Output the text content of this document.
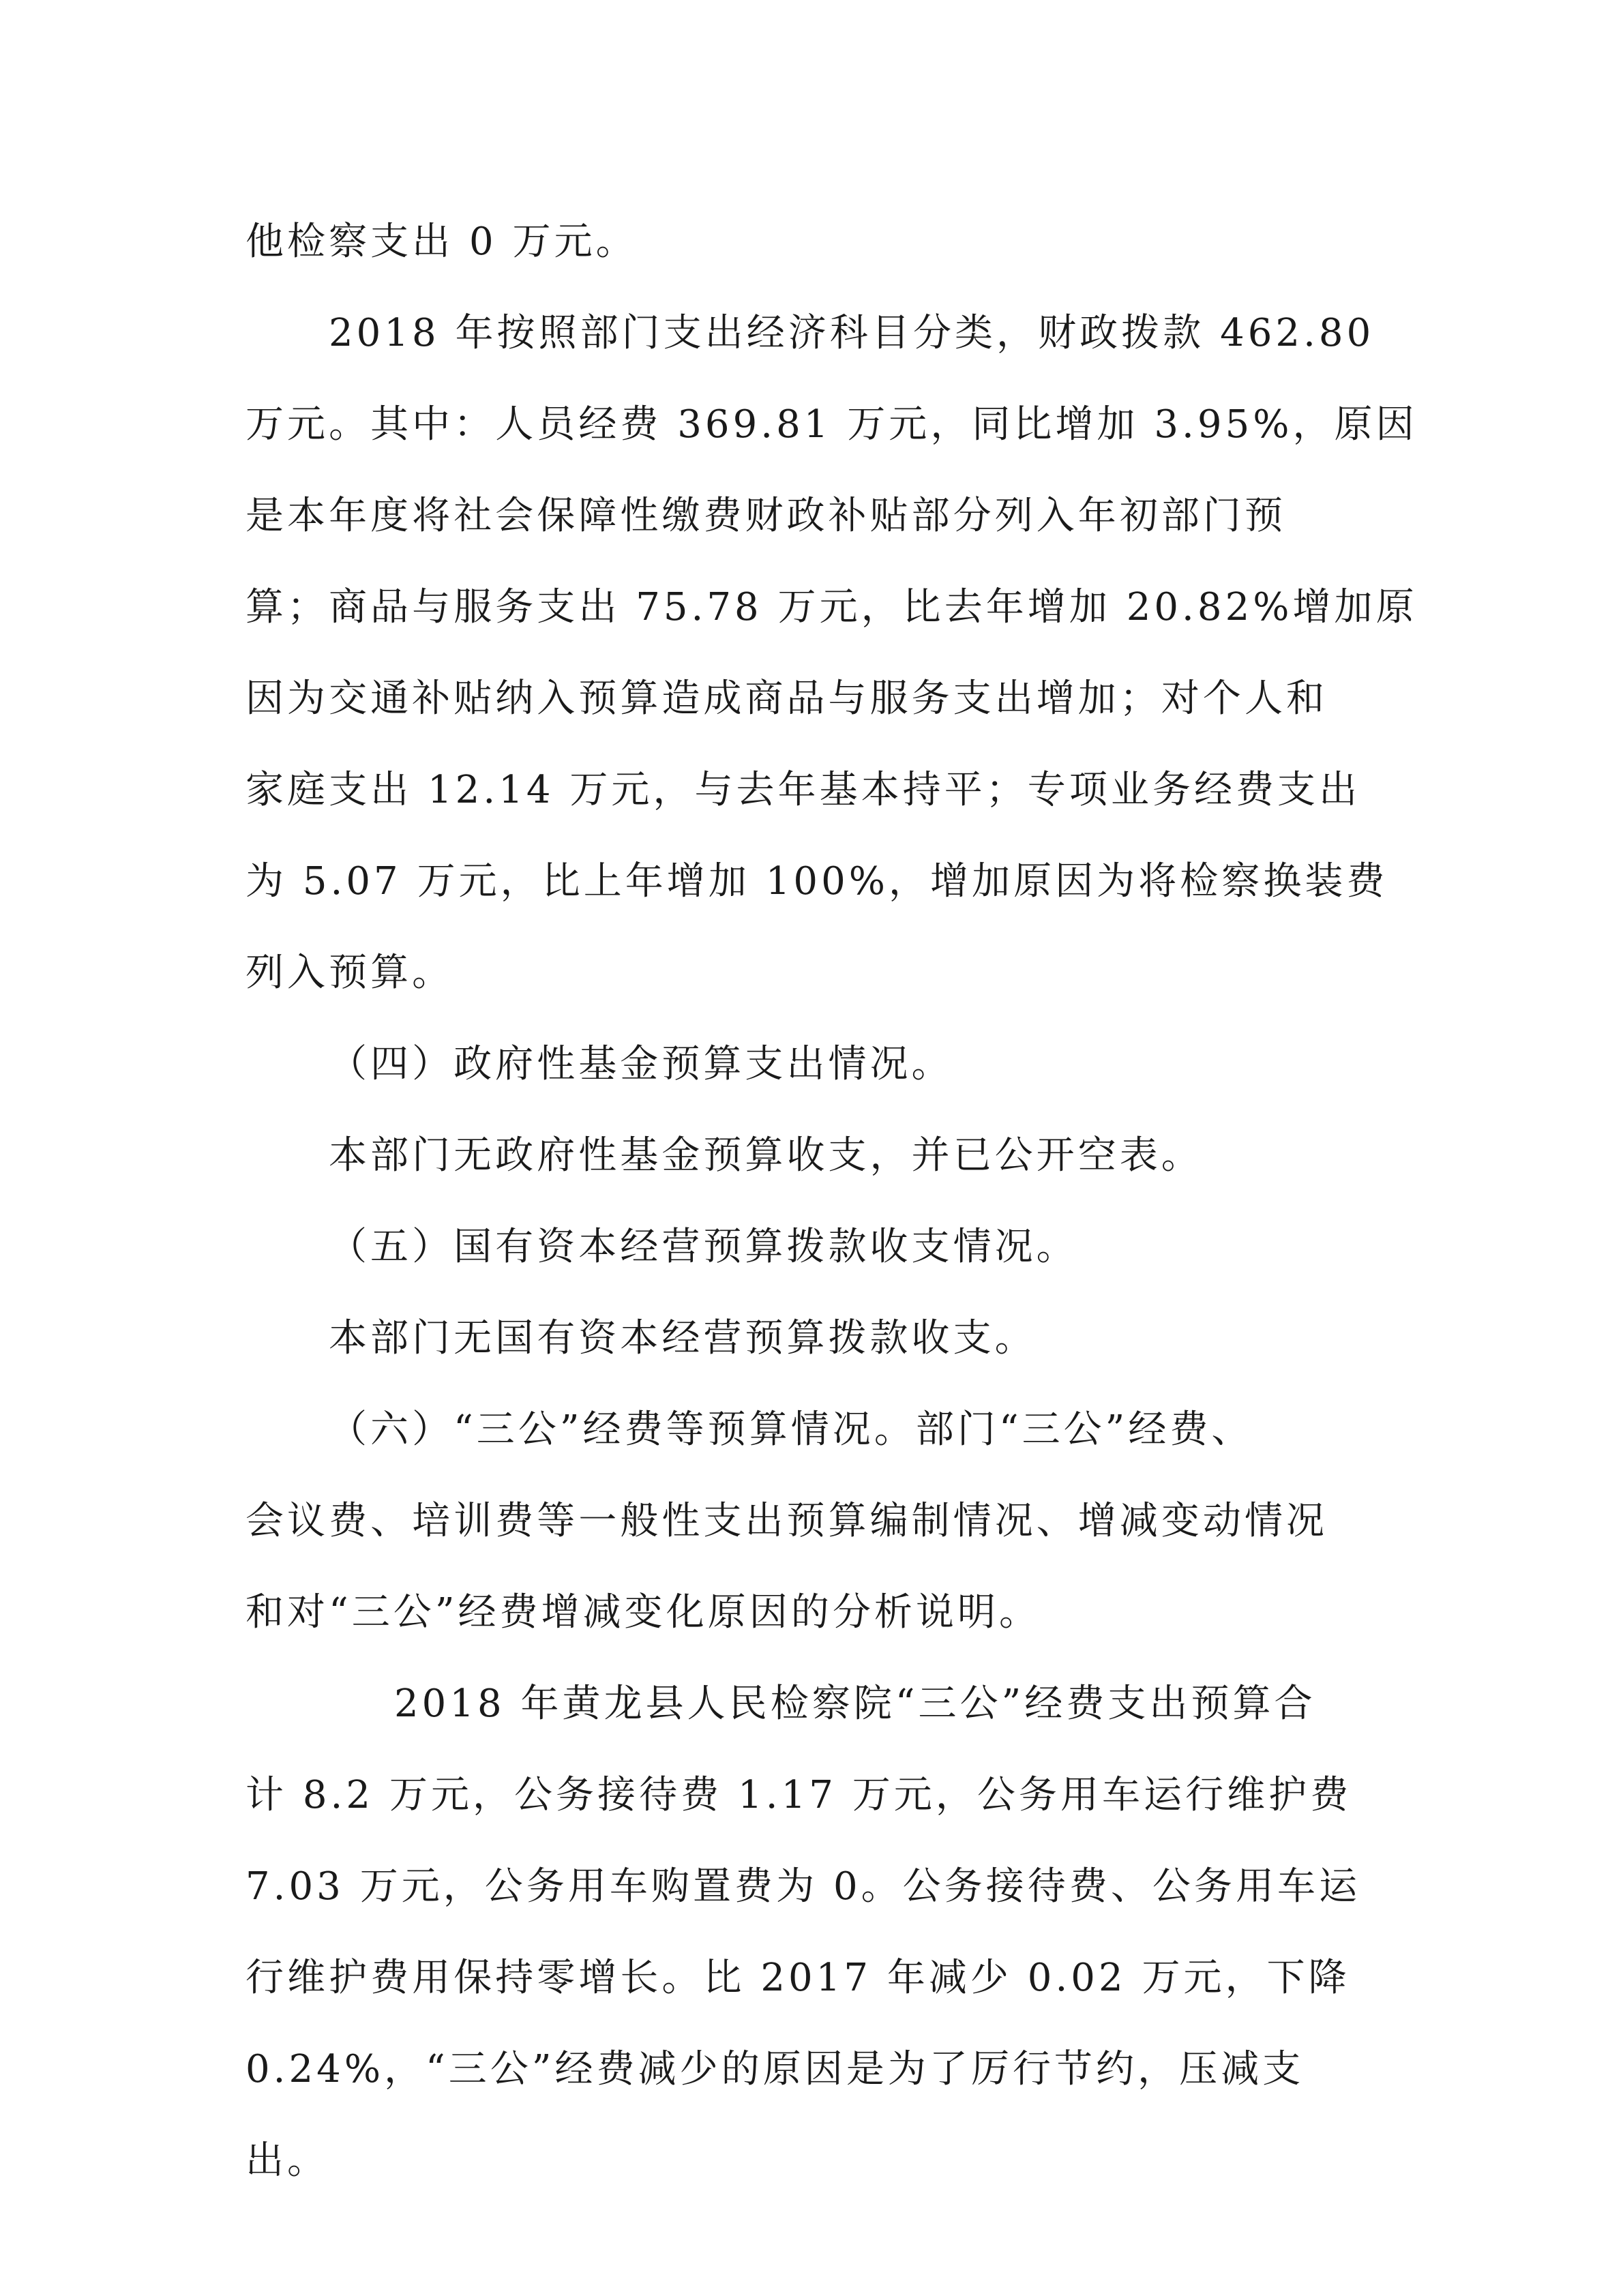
他检察支出 0 万元。
2018 年按照部门支出经济科目分类，财政拨款 462.80
万元。其中：人员经费 369.81 万元，同比增加 3.95%，原因
是本年度将社会保障性缴费财政补贴部分列入年初部门预
算；商品与服务支出 75.78 万元，比去年增加 20.82%增加原
因为交通补贴纳入预算造成商品与服务支出增加；对个人和
家庭支出 12.14 万元，与去年基本持平；专项业务经费支出
为 5.07 万元，比上年增加 100%，增加原因为将检察换装费
列入预算。
（四）政府性基金预算支出情况。
本部门无政府性基金预算收支，并已公开空表。
（五）国有资本经营预算拨款收支情况。
本部门无国有资本经营预算拨款收支。
（六）“三公”经费等预算情况。部门“三公”经费、
会议费、培训费等一般性支出预算编制情况、增减变动情况
和对“三公”经费增减变化原因的分析说明。
2018 年黄龙县人民检察院“三公”经费支出预算合
计 8.2 万元，公务接待费 1.17 万元，公务用车运行维护费
7.03 万元，公务用车购置费为 0。公务接待费、公务用车运
行维护费用保持零增长。比 2017 年减少 0.02 万元，下降
0.24%，“三公”经费减少的原因是为了厉行节约，压减支
出。
